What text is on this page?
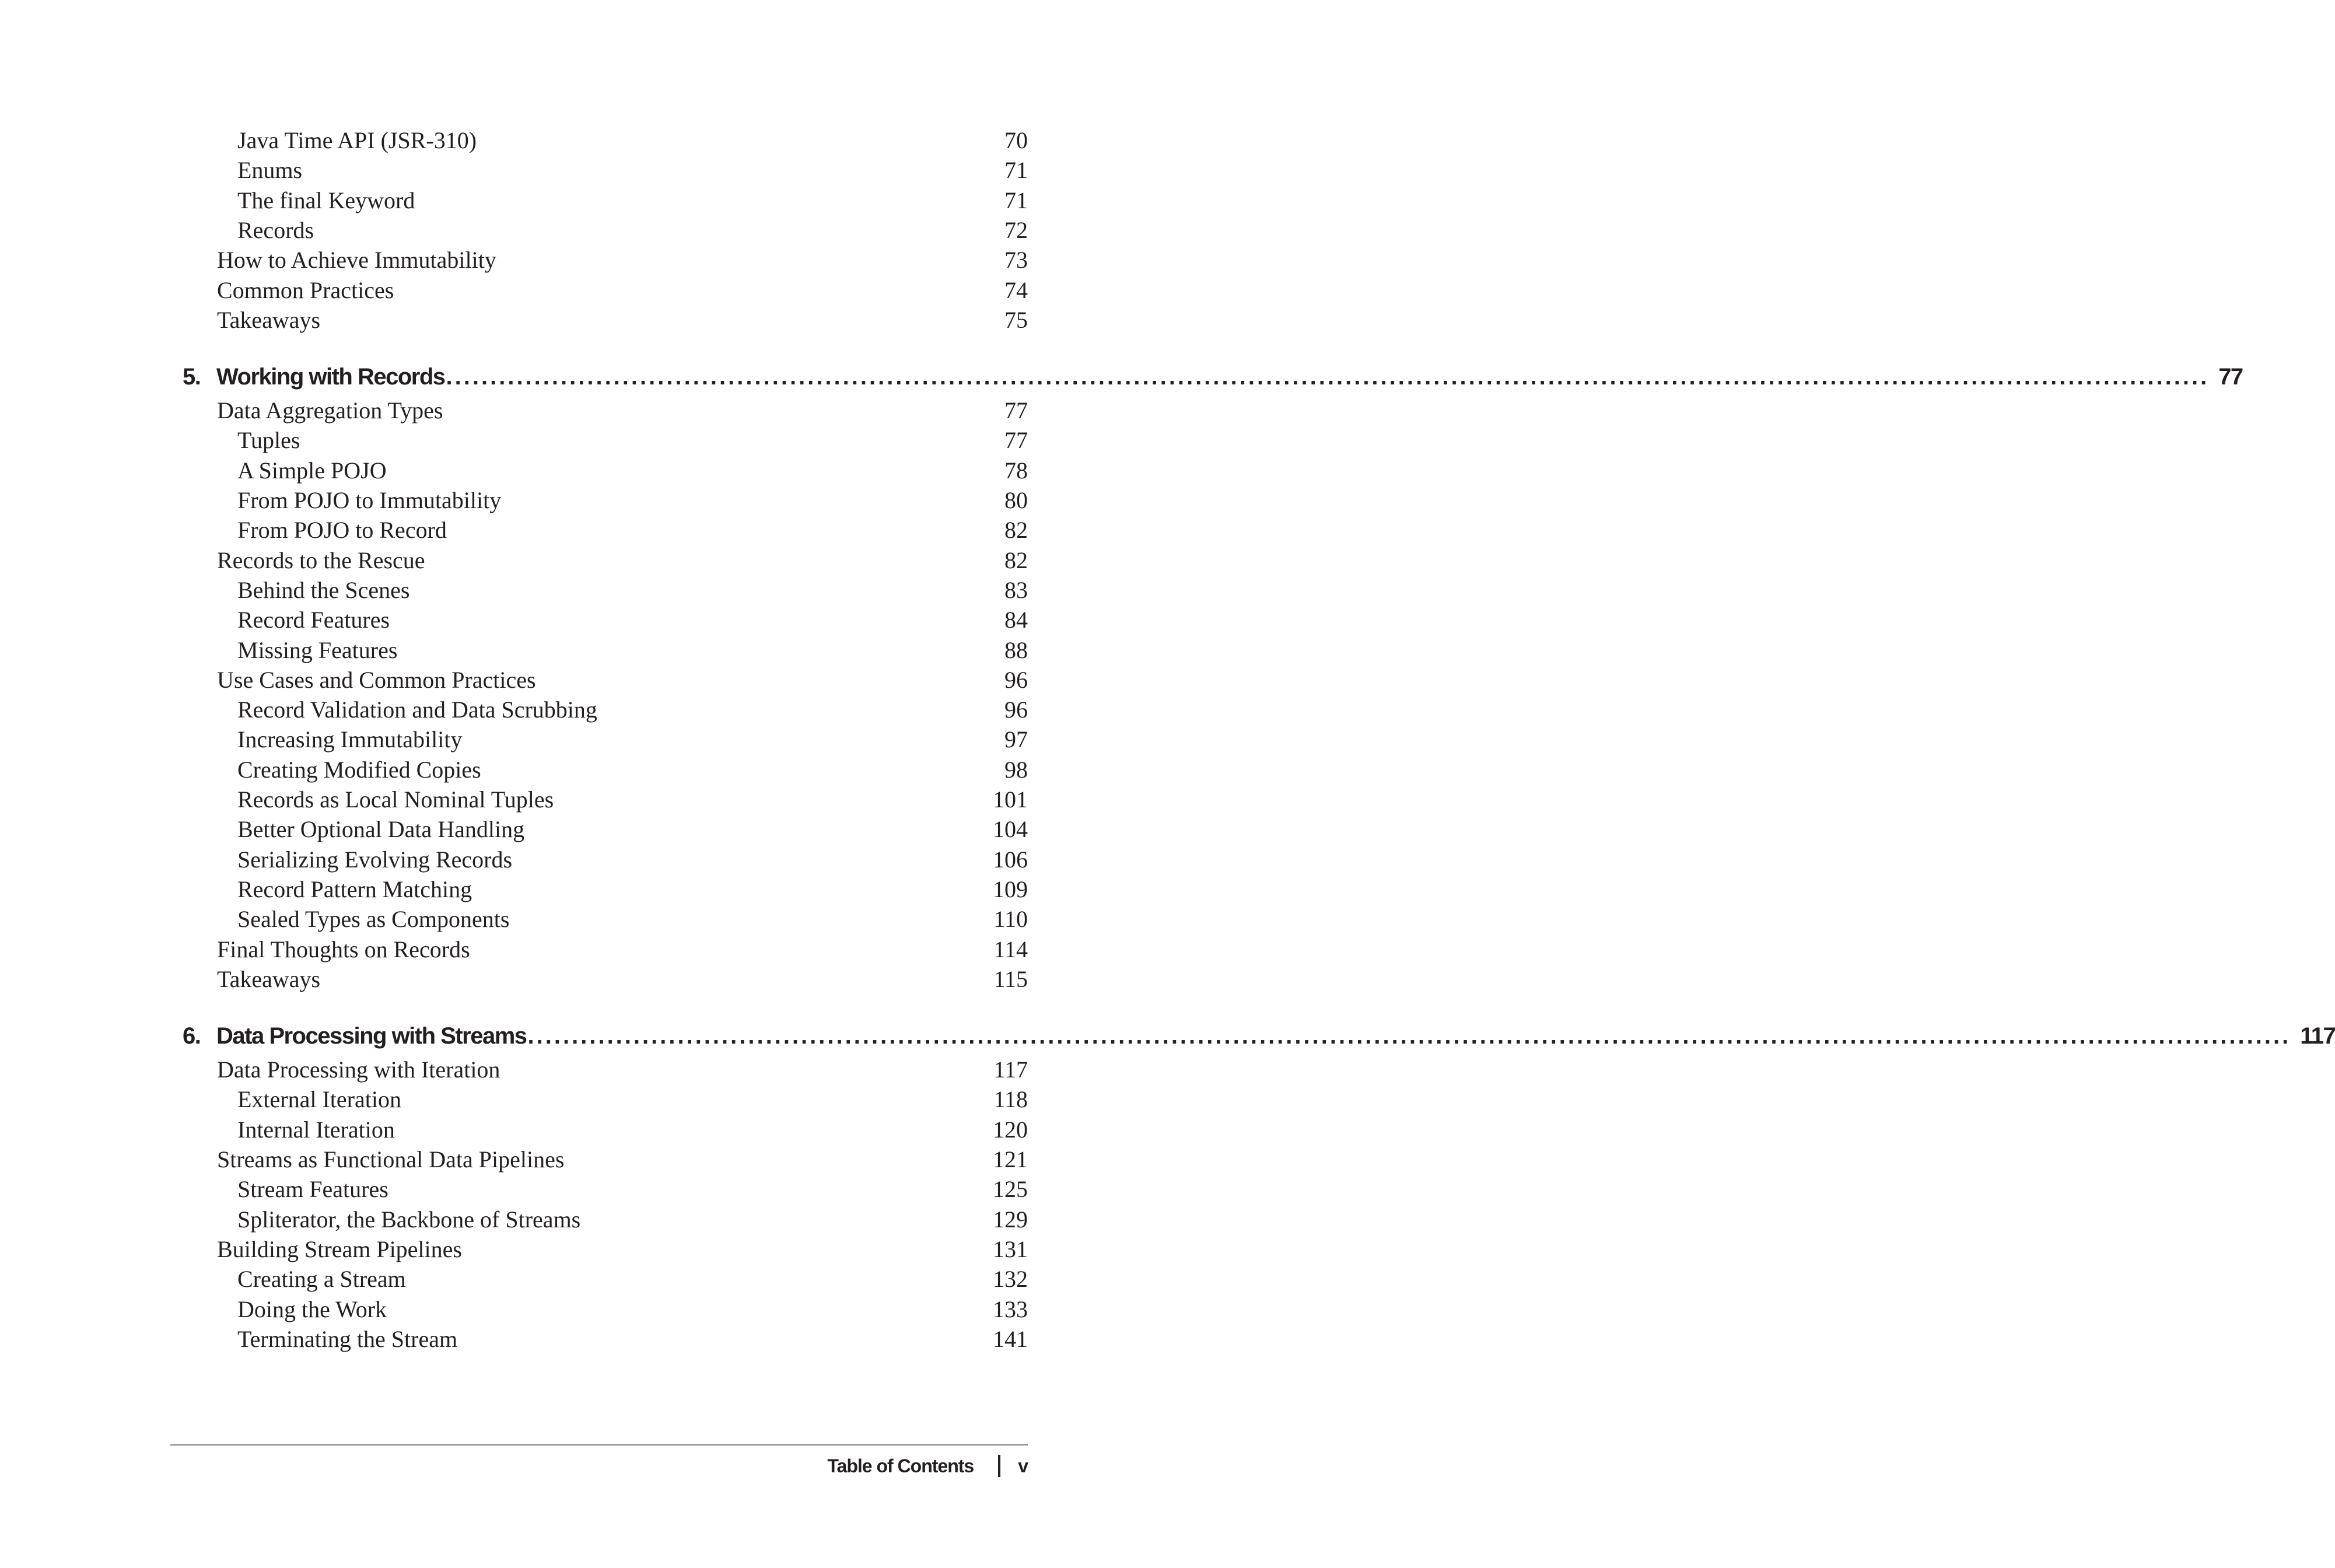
Java Time API (JSR-310)	70
Enums	71
The final Keyword	71
Records	72
How to Achieve Immutability	73
Common Practices	74
Takeaways	75
5. Working with Records ........................................................................................................................................................................................................ 77
Data Aggregation Types	77
Tuples	77
A Simple POJO	78
From POJO to Immutability	80
From POJO to Record	82
Records to the Rescue	82
Behind the Scenes	83
Record Features	84
Missing Features	88
Use Cases and Common Practices	96
Record Validation and Data Scrubbing	96
Increasing Immutability	97
Creating Modified Copies	98
Records as Local Nominal Tuples	101
Better Optional Data Handling	104
Serializing Evolving Records	106
Record Pattern Matching	109
Sealed Types as Components	110
Final Thoughts on Records	114
Takeaways	115
6. Data Processing with Streams ........................................................................................................................................................................................................ 117
Data Processing with Iteration	117
External Iteration	118
Internal Iteration	120
Streams as Functional Data Pipelines	121
Stream Features	125
Spliterator, the Backbone of Streams	129
Building Stream Pipelines	131
Creating a Stream	132
Doing the Work	133
Terminating the Stream	141
Table of Contents v
